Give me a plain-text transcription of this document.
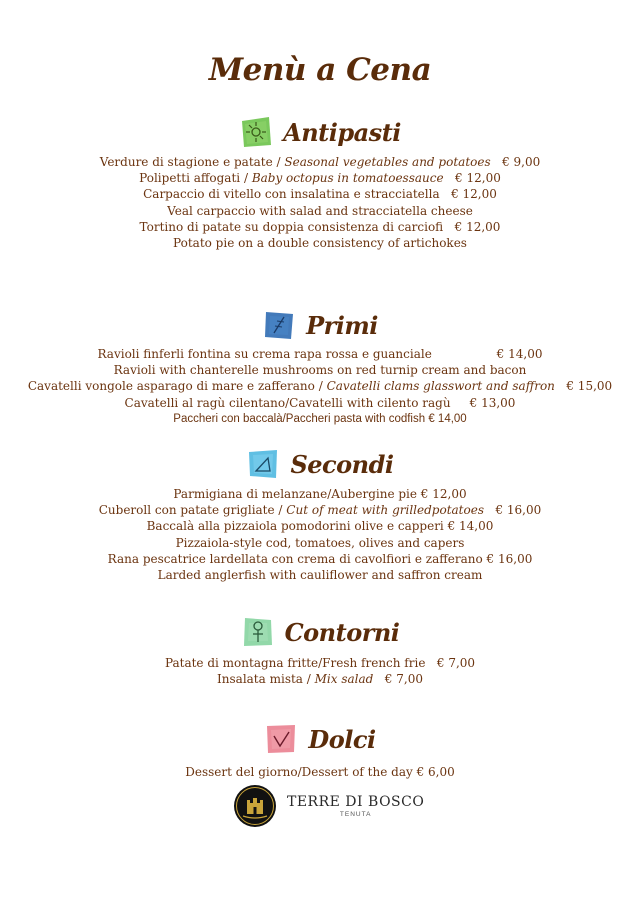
Menù a Cena
Antipasti
Verdure di stagione e patate / Seasonal vegetables and potatoes € 9,00
Polipetti affogati / Baby octopus in tomatoessauce € 12,00
Carpaccio di vitello con insalatina e stracciatella € 12,00
Veal carpaccio with salad and stracciatella cheese
Tortino di patate su doppia consistenza di carciofi € 12,00
Potato pie on a double consistency of artichokes
Primi
Ravioli finferli fontina su crema rapa rossa e guanciale	€ 14,00
Ravioli with chanterelle mushrooms on red turnip cream and bacon
Cavatelli vongole asparago di mare e zafferano / Cavatelli clams glasswort and saffron € 15,00
Cavatelli al ragù cilentano/Cavatelli with cilento ragù € 13,00
Paccheri con baccalà/Paccheri pasta with codfish € 14,00
Secondi
Parmigiana di melanzane/Aubergine pie € 12,00
Cuberoll con patate grigliate / Cut of meat with grilledpotatoes € 16,00
Baccalà alla pizzaiola pomodorini olive e capperi € 14,00
Pizzaiola-style cod, tomatoes, olives and capers
Rana pescatrice lardellata con crema di cavolfiori e zafferano € 16,00
Larded anglerfish with cauliflower and saffron cream
Contorni
Patate di montagna fritte/Fresh french frie € 7,00
Insalata mista / Mix salad € 7,00
Dolci
Dessert del giorno/Dessert of the day € 6,00
TERRE DI BOSCO
TENUTA
